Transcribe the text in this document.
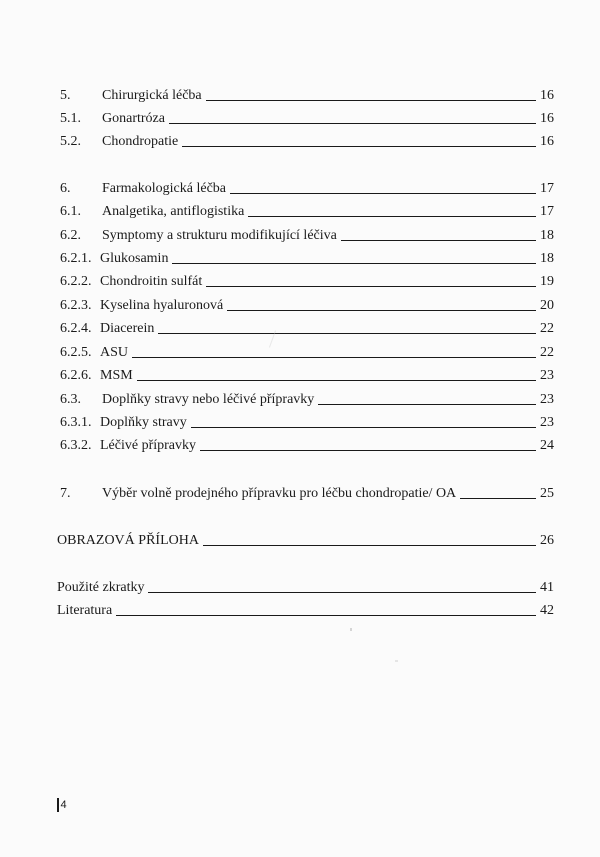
5.	Chirurgická léčba	16
5.1.	Gonartróza	16
5.2.	Chondropatie	16
6.	Farmakologická léčba	17
6.1.	Analgetika, antiflogistika	17
6.2.	Symptomy a strukturu modifikující léčiva	18
6.2.1. Glukosamin	18
6.2.2. Chondroitin sulfát	19
6.2.3. Kyselina hyaluronová	20
6.2.4. Diacerein	22
6.2.5. ASU	22
6.2.6. MSM	23
6.3.	Doplňky stravy nebo léčivé přípravky	23
6.3.1. Doplňky stravy	23
6.3.2. Léčivé přípravky	24
7.	Výběr volně prodejného přípravku pro léčbu chondropatie/ OA	25
OBRAZOVÁ PŘÍLOHA	26
Použité zkratky	41
Literatura	42
4
